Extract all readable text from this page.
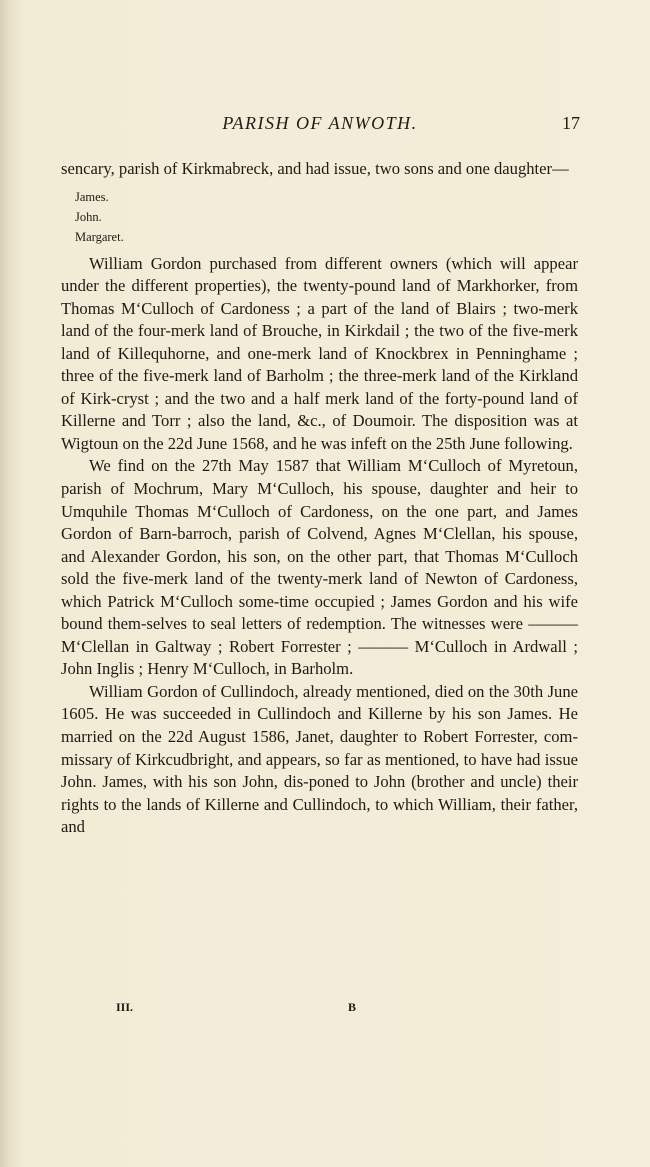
PARISH OF ANWOTH.	17

sencary, parish of Kirkmabreck, and had issue, two sons and one daughter—

James.
John.
Margaret.

William Gordon purchased from different owners (which will appear under the different properties), the twenty-pound land of Markhorker, from Thomas M‘Culloch of Cardoness ; a part of the land of Blairs ; two-merk land of the four-merk land of Brouche, in Kirkdail ; the two of the five-merk land of Killequhorne, and one-merk land of Knockbrex in Penninghame ; three of the five-merk land of Barholm ; the three-merk land of the Kirkland of Kirk-cryst ; and the two and a half merk land of the forty-pound land of Killerne and Torr ; also the land, &c., of Doumoir. The disposition was at Wigtoun on the 22d June 1568, and he was infeft on the 25th June following.

We find on the 27th May 1587 that William M‘Culloch of Myretoun, parish of Mochrum, Mary M‘Culloch, his spouse, daughter and heir to Umquhile Thomas M‘Culloch of Cardoness, on the one part, and James Gordon of Barn-barroch, parish of Colvend, Agnes M‘Clellan, his spouse, and Alexander Gordon, his son, on the other part, that Thomas M‘Culloch sold the five-merk land of the twenty-merk land of Newton of Cardoness, which Patrick M‘Culloch some-time occupied ; James Gordon and his wife bound them-selves to seal letters of redemption. The witnesses were ——— M‘Clellan in Galtway ; Robert Forrester ; ——— M‘Culloch in Ardwall ; John Inglis ; Henry M‘Culloch, in Barholm.

William Gordon of Cullindoch, already mentioned, died on the 30th June 1605. He was succeeded in Cullindoch and Killerne by his son James. He married on the 22d August 1586, Janet, daughter to Robert Forrester, com-missary of Kirkcudbright, and appears, so far as mentioned, to have had issue John. James, with his son John, dis-poned to John (brother and uncle) their rights to the lands of Killerne and Cullindoch, to which William, their father, and

III.	B
